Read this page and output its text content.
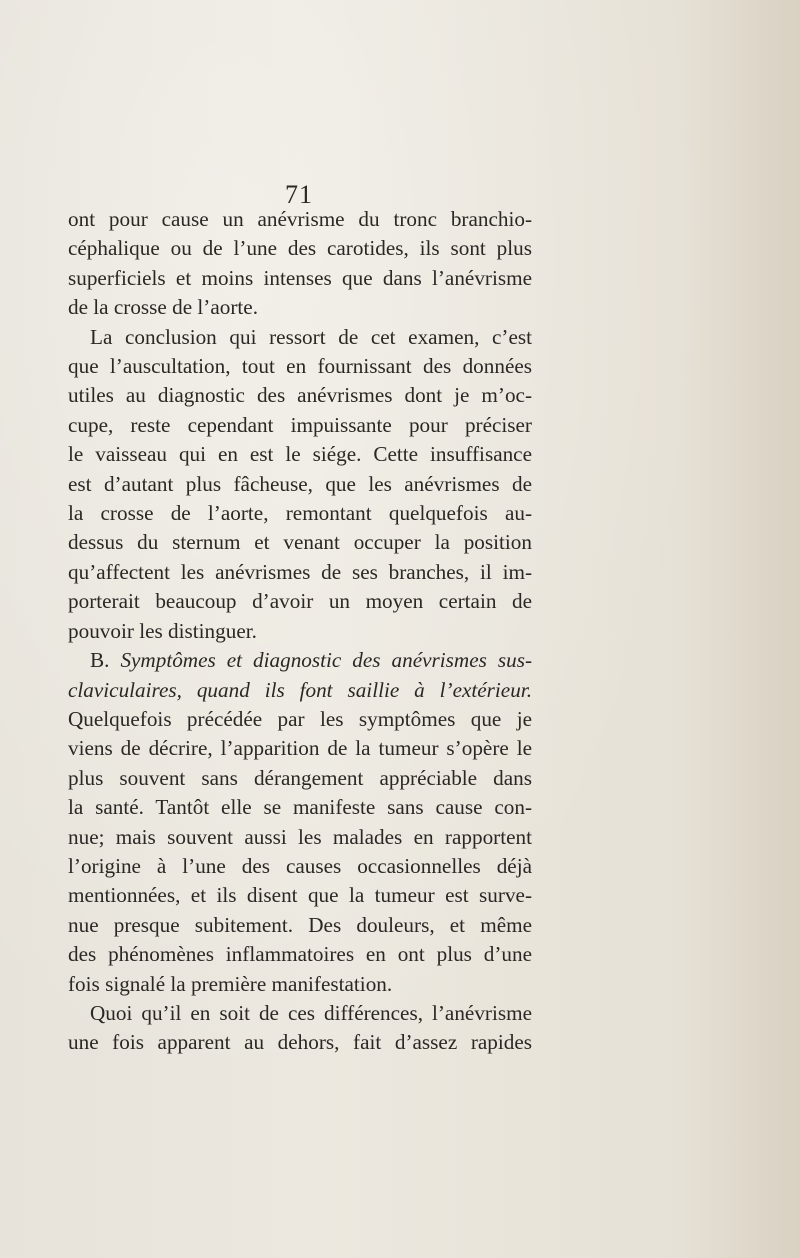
71
ont pour cause un anévrisme du tronc branchio-
céphalique ou de l’une des carotides, ils sont plus
superficiels et moins intenses que dans l’anévrisme
de la crosse de l’aorte.
La conclusion qui ressort de cet examen, c’est
que l’auscultation, tout en fournissant des données
utiles au diagnostic des anévrismes dont je m’oc-
cupe, reste cependant impuissante pour préciser
le vaisseau qui en est le siége. Cette insuffisance
est d’autant plus fâcheuse, que les anévrismes de
la crosse de l’aorte, remontant quelquefois au-
dessus du sternum et venant occuper la position
qu’affectent les anévrismes de ses branches, il im-
porterait beaucoup d’avoir un moyen certain de
pouvoir les distinguer.
B. Symptômes et diagnostic des anévrismes sus-
claviculaires, quand ils font saillie à l’extérieur.
Quelquefois précédée par les symptômes que je
viens de décrire, l’apparition de la tumeur s’opère le
plus souvent sans dérangement appréciable dans
la santé. Tantôt elle se manifeste sans cause con-
nue; mais souvent aussi les malades en rapportent
l’origine à l’une des causes occasionnelles déjà
mentionnées, et ils disent que la tumeur est surve-
nue presque subitement. Des douleurs, et même
des phénomènes inflammatoires en ont plus d’une
fois signalé la première manifestation.
Quoi qu’il en soit de ces différences, l’anévrisme
une fois apparent au dehors, fait d’assez rapides
